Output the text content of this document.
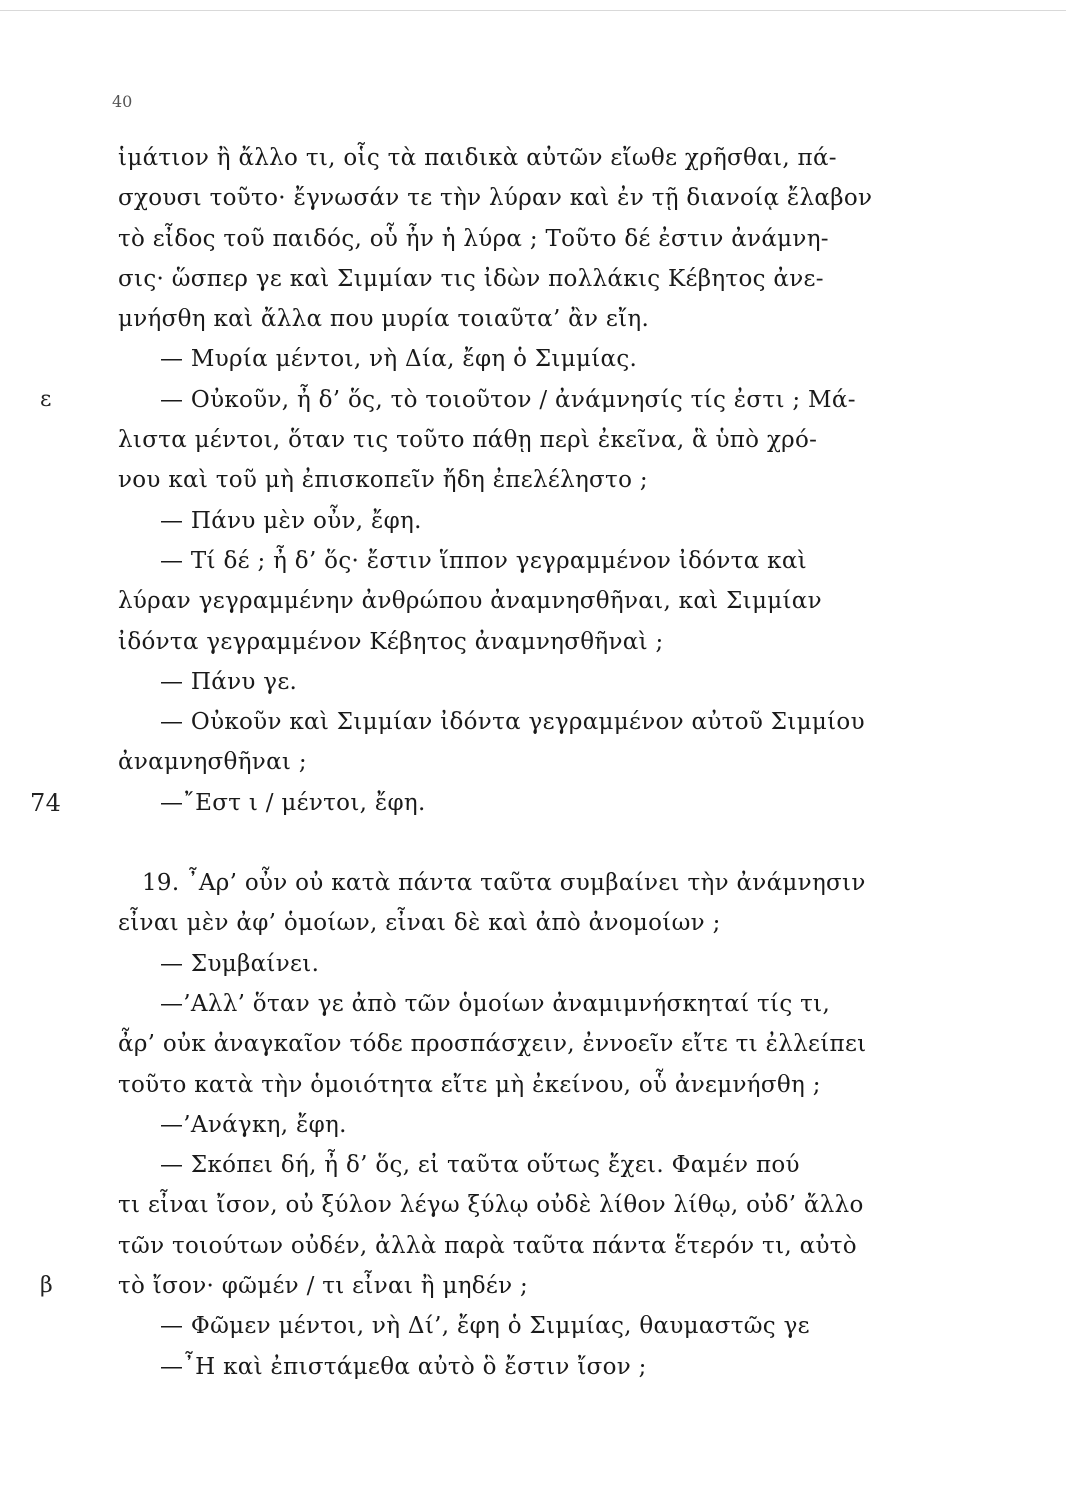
40
ἱμάτιον ἢ ἄλλο τι, οἷς τὰ παιδικὰ αὐτῶν εἴωθε χρῆσθαι, πά-
σχουσι τοῦτο· ἔγνωσάν τε τὴν λύραν καὶ ἐν τῇ διανοίᾳ ἔλαβον
τὸ εἶδος τοῦ παιδός, οὗ ἦν ἡ λύρα ; Τοῦτο δέ ἐστιν ἀνάμνη-
σις· ὥσπερ γε καὶ Σιμμίαν τις ἰδὼν πολλάκις Κέβητος ἀνε-
μνήσθη καὶ ἄλλα που μυρία τοιαῦτα’ ἂν εἴη.
— Μυρία μέντοι, νὴ Δία, ἔφη ὁ Σιμμίας.
ε	— Οὐκοῦν, ἦ δ’ ὅς, τὸ τοιοῦτον / ἀνάμνησίς τίς ἐστι ; Μά-
λιστα μέντοι, ὅταν τις τοῦτο πάθῃ περὶ ἐκεῖνα, ἃ ὑπὸ χρό-
νου καὶ τοῦ μὴ ἐπισκοπεῖν ἤδη ἐπελέληστο ;
— Πάνυ μὲν οὖν, ἔφη.
— Τί δέ ; ἦ δ’ ὅς· ἔστιν ἵππον γεγραμμένον ἰδόντα καὶ
λύραν γεγραμμένην ἀνθρώπου ἀναμνησθῆναι, καὶ Σιμμίαν
ἰδόντα γεγραμμένον Κέβητος ἀναμνησθῆναὶ ;
— Πάνυ γε.
— Οὐκοῦν καὶ Σιμμίαν ἰδόντα γεγραμμένον αὐτοῦ Σιμμίου
ἀναμνησθῆναι ;
74	—῎Εστ ι / μέντοι, ἔφη.
19. ῏Αρ’ οὖν οὐ κατὰ πάντα ταῦτα συμβαίνει τὴν ἀνάμνησιν
εἶναι μὲν ἀφ’ ὁμοίων, εἶναι δὲ καὶ ἀπὸ ἀνομοίων ;
— Συμβαίνει.
—’Αλλ’ ὅταν γε ἀπὸ τῶν ὁμοίων ἀναμιμνήσκηταί τίς τι,
ἆρ’ οὐκ ἀναγκαῖον τόδε προσπάσχειν, ἐννοεῖν εἴτε τι ἐλλείπει
τοῦτο κατὰ τὴν ὁμοιότητα εἴτε μὴ ἐκείνου, οὗ ἀνεμνήσθη ;
—’Ανάγκη, ἔφη.
— Σκόπει δή, ἦ δ’ ὅς, εἰ ταῦτα οὕτως ἔχει. Φαμέν πού
τι εἶναι ἴσον, οὐ ξύλον λέγω ξύλῳ οὐδὲ λίθον λίθῳ, οὐδ’ ἄλλο
τῶν τοιούτων οὐδέν, ἀλλὰ παρὰ ταῦτα πάντα ἕτερόν τι, αὐτὸ
β	τὸ ἴσον· φῶμέν / τι εἶναι ἢ μηδέν ;
— Φῶμεν μέντοι, νὴ Δί’, ἔφη ὁ Σιμμίας, θαυμαστῶς γε
—῏Η καὶ ἐπιστάμεθα αὐτὸ ὃ ἔστιν ἴσον ;
